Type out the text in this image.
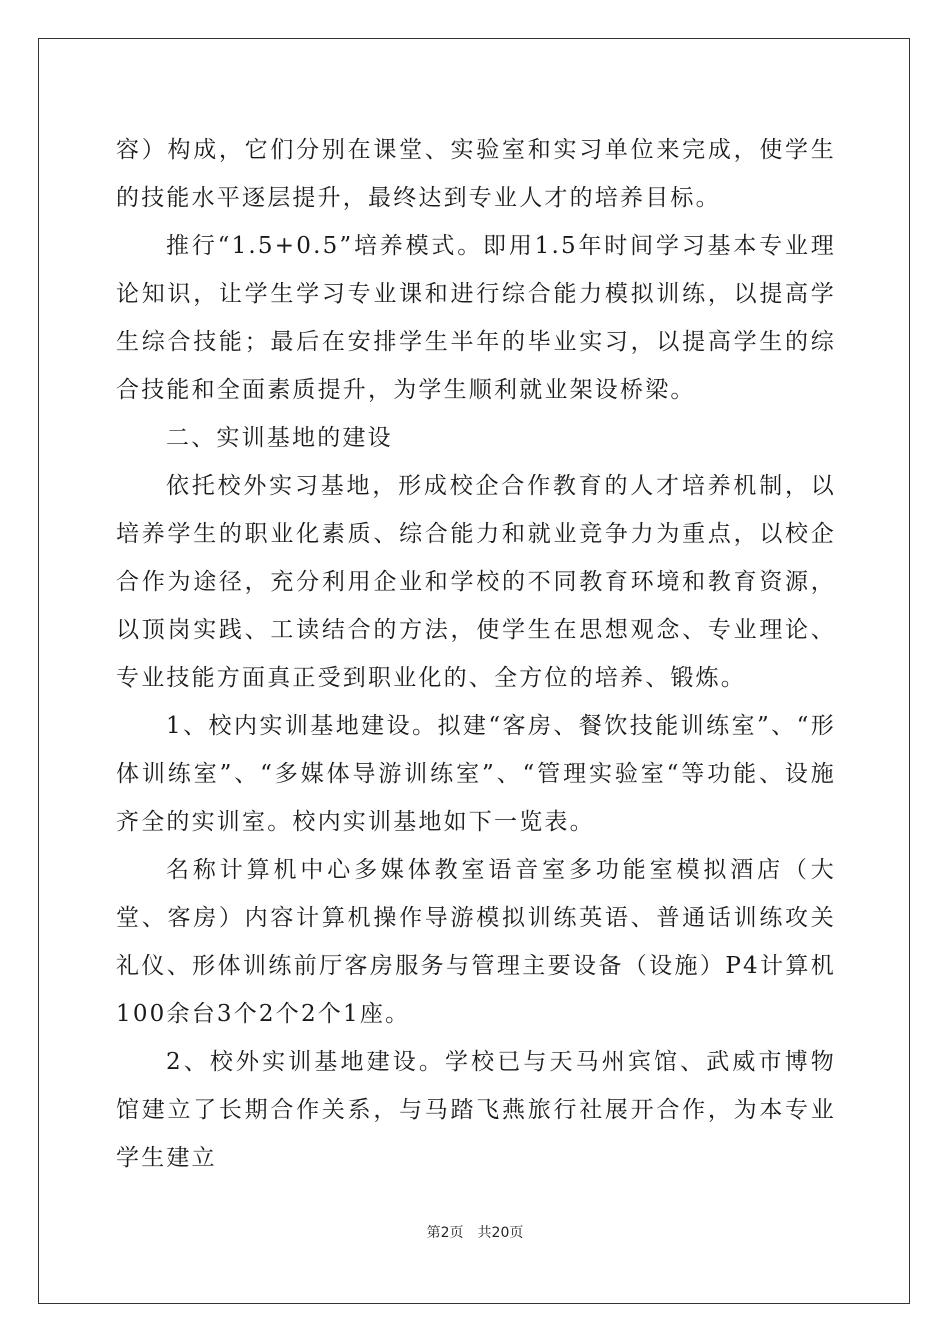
容）构成，它们分别在课堂、实验室和实习单位来完成，使学生的技能水平逐层提升，最终达到专业人才的培养目标。

推行“1.5+0.5”培养模式。即用1.5年时间学习基本专业理论知识，让学生学习专业课和进行综合能力模拟训练，以提高学生综合技能；最后在安排学生半年的毕业实习，以提高学生的综合技能和全面素质提升，为学生顺利就业架设桥梁。

二、实训基地的建设

依托校外实习基地，形成校企合作教育的人才培养机制，以培养学生的职业化素质、综合能力和就业竞争力为重点，以校企合作为途径，充分利用企业和学校的不同教育环境和教育资源，以顶岗实践、工读结合的方法，使学生在思想观念、专业理论、专业技能方面真正受到职业化的、全方位的培养、锻炼。

1、校内实训基地建设。拟建“客房、餐饮技能训练室”、“形体训练室”、“多媒体导游训练室”、“管理实验室“等功能、设施齐全的实训室。校内实训基地如下一览表。

名称计算机中心多媒体教室语音室多功能室模拟酒店（大堂、客房）内容计算机操作导游模拟训练英语、普通话训练攻关礼仪、形体训练前厅客房服务与管理主要设备（设施）P4计算机100余台3个2个2个1座。

2、校外实训基地建设。学校已与天马州宾馆、武威市博物馆建立了长期合作关系，与马踏飞燕旅行社展开合作，为本专业学生建立

第2页 共20页
